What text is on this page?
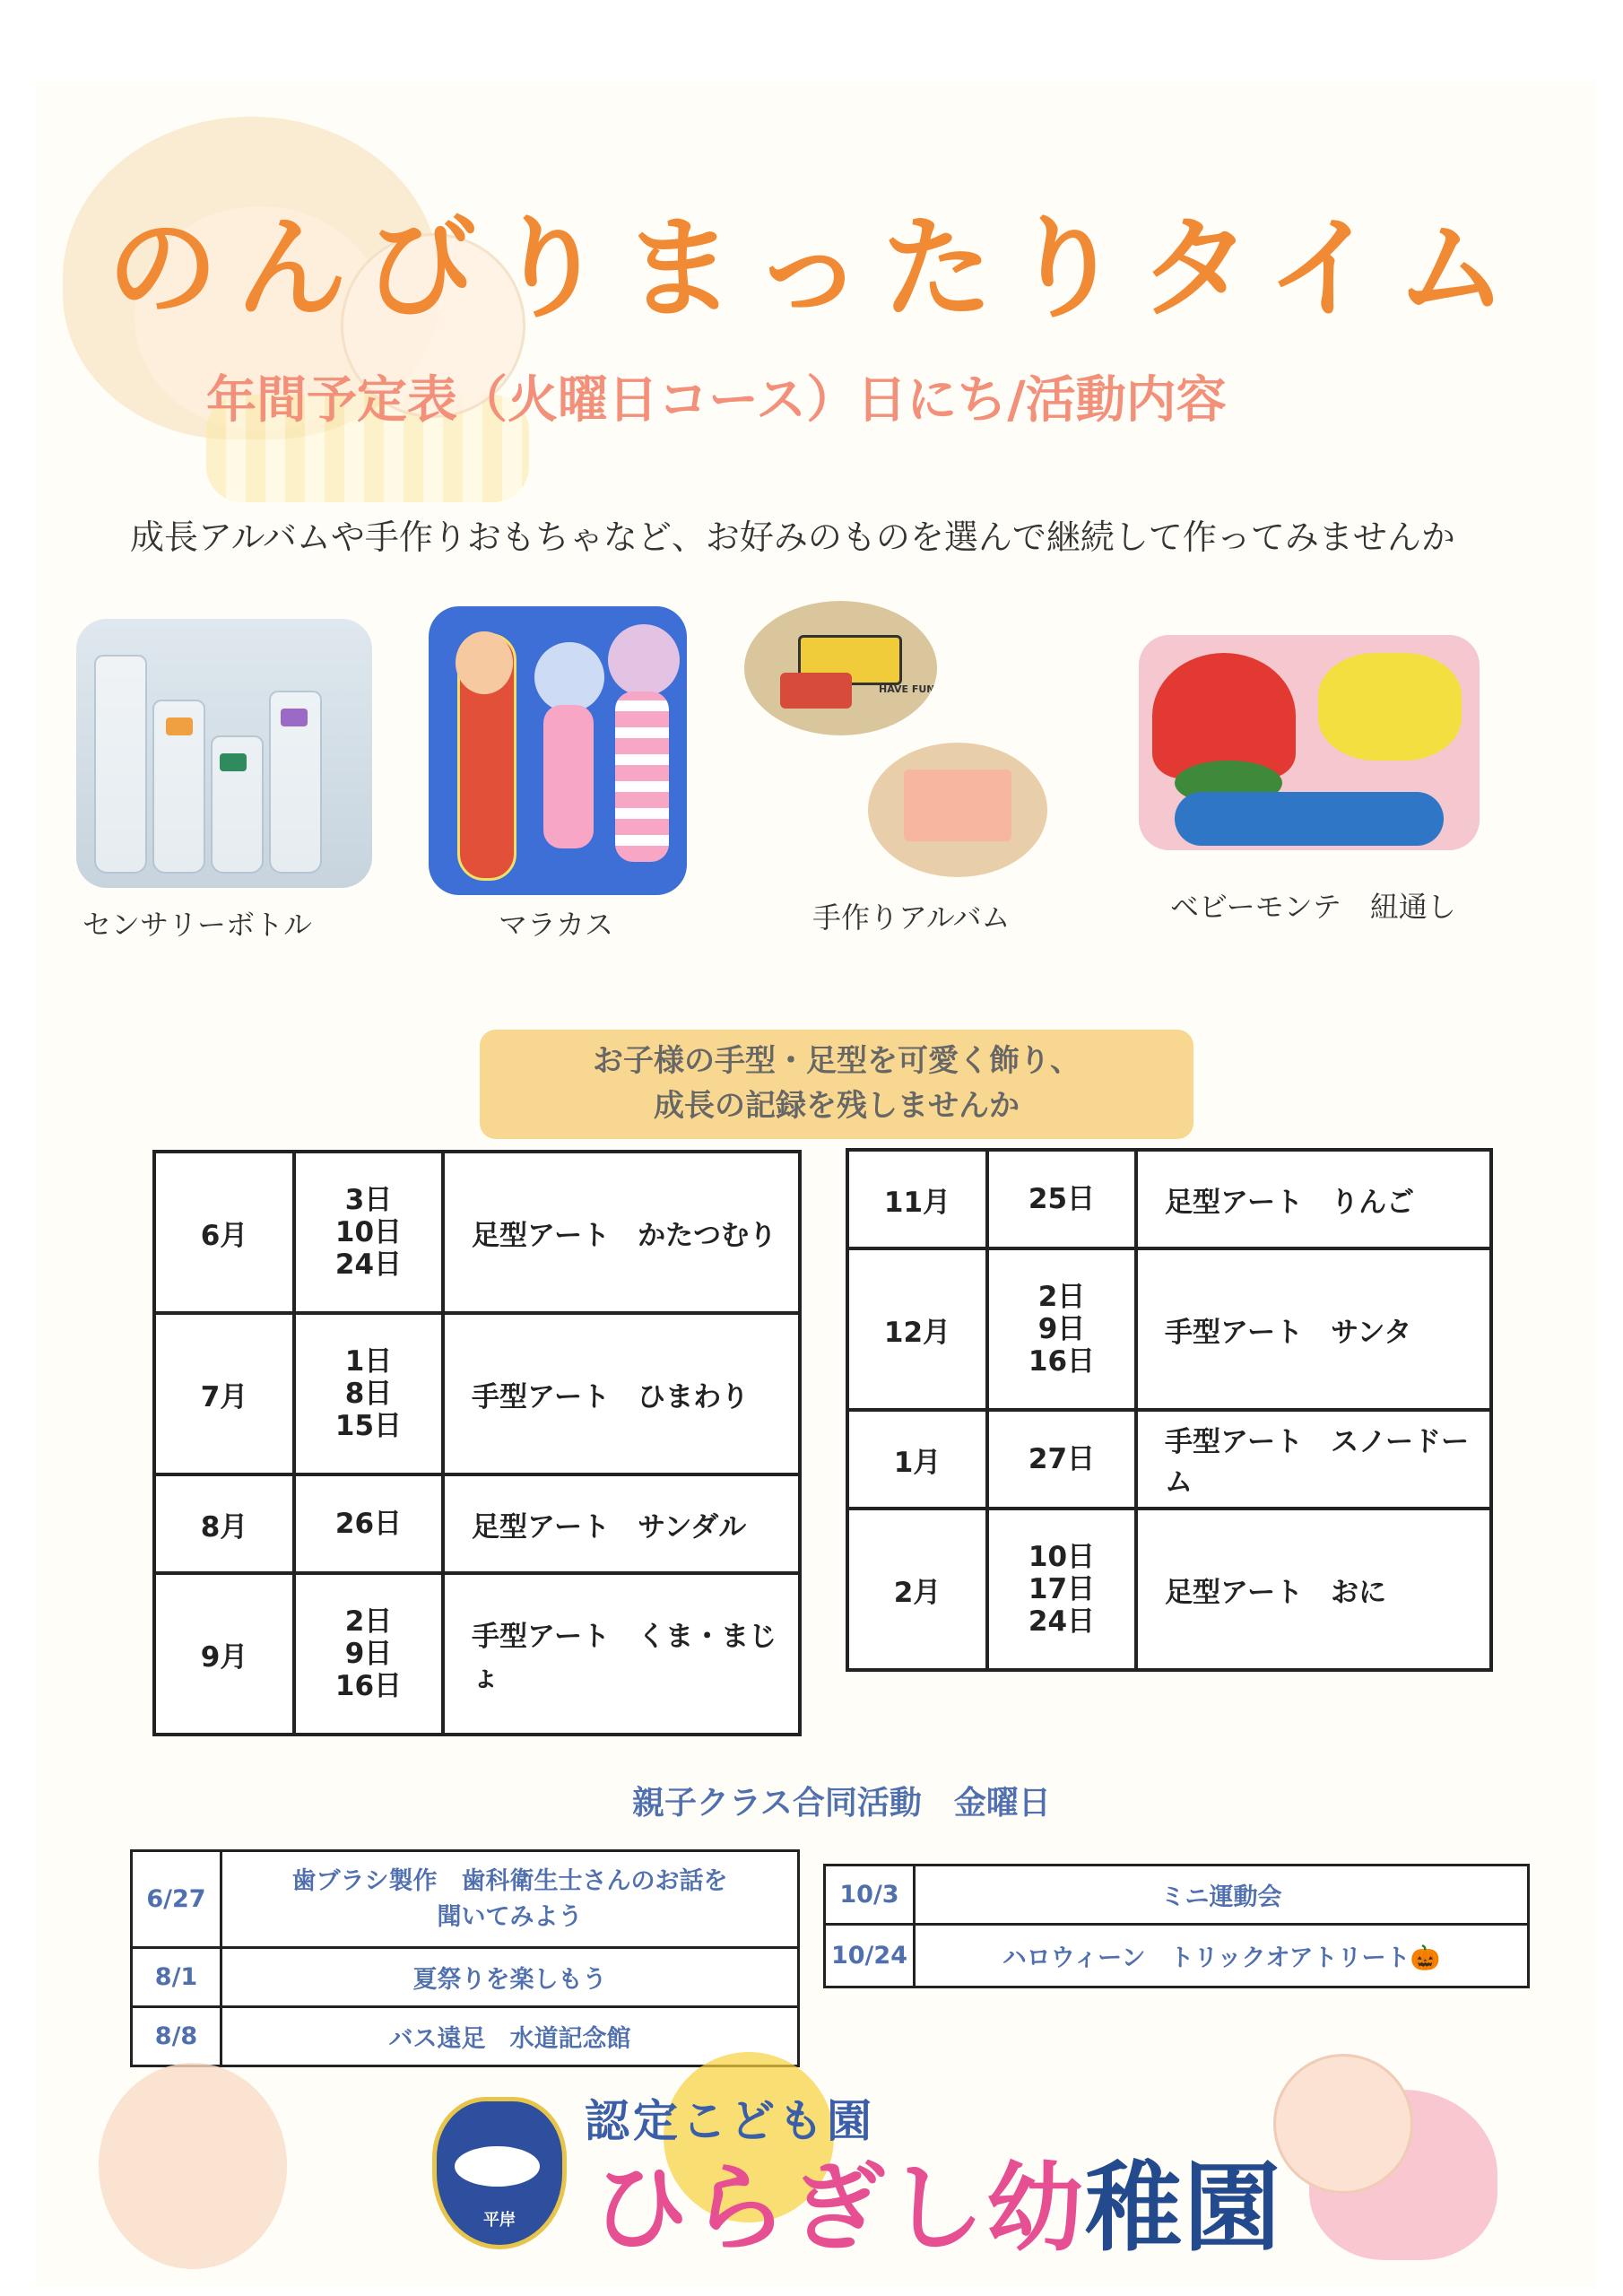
のんびりまったりタイム
年間予定表（火曜日コース）日にち/活動内容
成長アルバムや手作りおもちゃなど、お好みのものを選んで継続して作ってみませんか
センサリーボトル	マラカス
HAVE FUN
手作りアルバム	ベビーモンテ　紐通し
お子様の手型・足型を可愛く飾り、
成長の記録を残しませんか
6月	3日
10日
24日	足型アート　かたつむり
7月	1日
8日
15日	手型アート　ひまわり
8月	26日	足型アート　サンダル
9月	2日
9日
16日	手型アート　くま・まじょ
11月	25日	足型アート　りんご
12月	2日
9日
16日	手型アート　サンタ
1月	27日	手型アート　スノードーム
2月	10日
17日
24日	足型アート　おに
親子クラス合同活動　金曜日
6/27	歯ブラシ製作　歯科衛生士さんのお話を
聞いてみよう
8/1	夏祭りを楽しもう
8/8	バス遠足　水道記念館
10/3	ミニ運動会
10/24	ハロウィーン　トリックオアトリート🎃
平岸
認定こども園
ひらぎし幼稚園
